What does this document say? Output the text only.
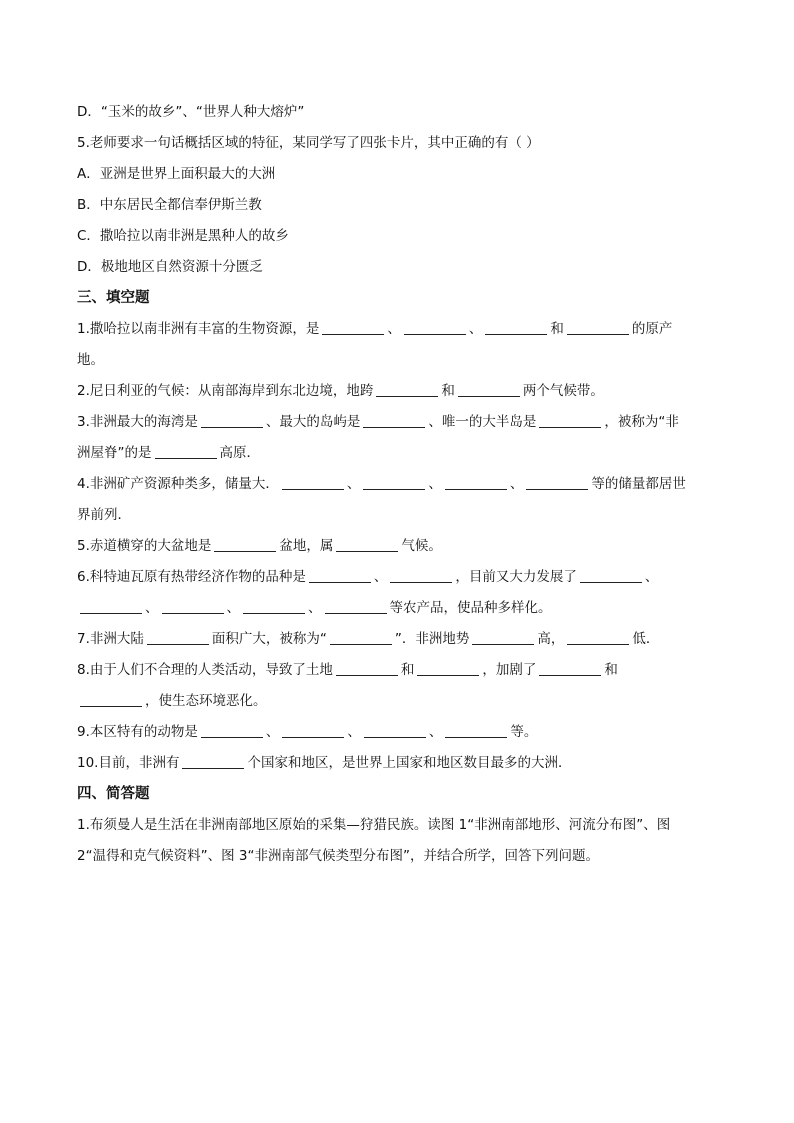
D．“玉米的故乡”、“世界人种大熔炉”
5.老师要求一句话概括区域的特征，某同学写了四张卡片，其中正确的有（ ）
A．亚洲是世界上面积最大的大洲
B．中东居民全都信奉伊斯兰教
C．撒哈拉以南非洲是黑种人的故乡
D．极地地区自然资源十分匮乏
三、填空题
1.撒哈拉以南非洲有丰富的生物资源，是	、	、	和	的原产
地。
2.尼日利亚的气候：从南部海岸到东北边境，地跨	和	两个气候带。
3.非洲最大的海湾是	、最大的岛屿是	、唯一的大半岛是	，被称为“非
洲屋脊”的是	高原．
4.非洲矿产资源种类多，储量大．	、	、	、	等的储量都居世
界前列．
5.赤道横穿的大盆地是	盆地，属	气候。
6.科特迪瓦原有热带经济作物的品种是	、	，目前又大力发展了	、
、	、	、	等农产品，使品种多样化。
7.非洲大陆	面积广大，被称为“	”．非洲地势	高，	低．
8.由于人们不合理的人类活动，导致了土地	和	，加剧了	和
，使生态环境恶化。
9.本区特有的动物是	、	、	、	等。
10.目前，非洲有	个国家和地区，是世界上国家和地区数目最多的大洲．
四、简答题
1.布须曼人是生活在非洲南部地区原始的采集—狩猎民族。读图 1“非洲南部地形、河流分布图”、图
2“温得和克气候资料”、图 3“非洲南部气候类型分布图”，并结合所学，回答下列问题。
